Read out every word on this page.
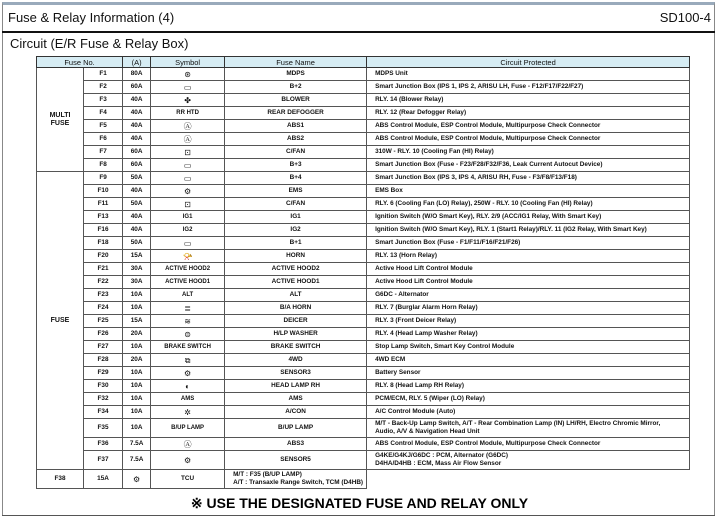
Fuse & Relay Information (4)	SD100-4
Circuit (E/R Fuse & Relay Box)
Fuse No.		(A)	Symbol	Fuse Name	Circuit Protected
MULTI FUSE	F1	80A	⊛	MDPS	MDPS Unit

	F2	60A	▭	B+2	Smart Junction Box (IPS 1, IPS 2, ARISU LH, Fuse - F12/F17/F22/F27)

	F3	40A	✤	BLOWER	RLY. 14 (Blower Relay)

	F4	40A	RR HTD	REAR DEFOGGER	RLY. 12 (Rear Defogger Relay)

	F5	40A	Ⓐ	ABS1	ABS Control Module, ESP Control Module, Multipurpose Check Connector

	F6	40A	Ⓐ	ABS2	ABS Control Module, ESP Control Module, Multipurpose Check Connector

	F7	60A	⊡	C/FAN	310W - RLY. 10 (Cooling Fan (HI) Relay)

	F8	60A	▭	B+3	Smart Junction Box (Fuse - F23/F28/F32/F36, Leak Current Autocut Device)

FUSE	F9	50A	▭	B+4	Smart Junction Box (IPS 3, IPS 4, ARISU RH, Fuse - F3/F8/F13/F18)

	F10	40A	⚙	EMS	EMS Box

	F11	50A	⊡	C/FAN	RLY. 6 (Cooling Fan (LO) Relay), 250W - RLY. 10 (Cooling Fan (HI) Relay)

	F13	40A	IG1	IG1	Ignition Switch (W/O Smart Key), RLY. 2/9 (ACC/IG1 Relay, With Smart Key)

	F16	40A	IG2	IG2	Ignition Switch (W/O Smart Key), RLY. 1 (Start1 Relay)/RLY. 11 (IG2 Relay, With Smart Key)

	F18	50A	▭	B+1	Smart Junction Box (Fuse - F1/F11/F16/F21/F26)

	F20	15A	📯	HORN	RLY. 13 (Horn Relay)

	F21	30A	ACTIVE HOOD2	ACTIVE HOOD2	Active Hood Lift Control Module

	F22	30A	ACTIVE HOOD1	ACTIVE HOOD1	Active Hood Lift Control Module

	F23	10A	ALT	ALT	G6DC - Alternator

	F24	10A	≣	B/A HORN	RLY. 7 (Burglar Alarm Horn Relay)

	F25	15A	≋	DEICER	RLY. 3 (Front Deicer Relay)

	F26	20A	⊜	H/LP WASHER	RLY. 4 (Head Lamp Washer Relay)

	F27	10A	BRAKE SWITCH	BRAKE SWITCH	Stop Lamp Switch, Smart Key Control Module

	F28	20A	⧉	4WD	4WD ECM

	F29	10A	⚙	SENSOR3	Battery Sensor

	F30	10A	◐	HEAD LAMP RH	RLY. 8 (Head Lamp RH Relay)

	F32	10A	AMS	AMS	PCM/ECM, RLY. 5 (Wiper (LO) Relay)

	F34	10A	✲	A/CON	A/C Control Module (Auto)

	F35	10A	B/UP LAMP	B/UP LAMP	M/T - Back-Up Lamp Switch, A/T - Rear Combination Lamp (IN) LH/RH, Electro Chromic Mirror,
Audio, A/V & Navigation Head Unit

	F36	7.5A	Ⓐ	ABS3	ABS Control Module, ESP Control Module, Multipurpose Check Connector

	F37	7.5A	⚙	SENSOR5	G4KE/G4KJ/G6DC : PCM, Alternator (G6DC)
D4HA/D4HB : ECM, Mass Air Flow Sensor

F38	15A	⚙	TCU	M/T : F35 (B/UP LAMP)
A/T : Transaxle Range Switch, TCM (D4HB)	
※ USE THE DESIGNATED FUSE AND RELAY ONLY
